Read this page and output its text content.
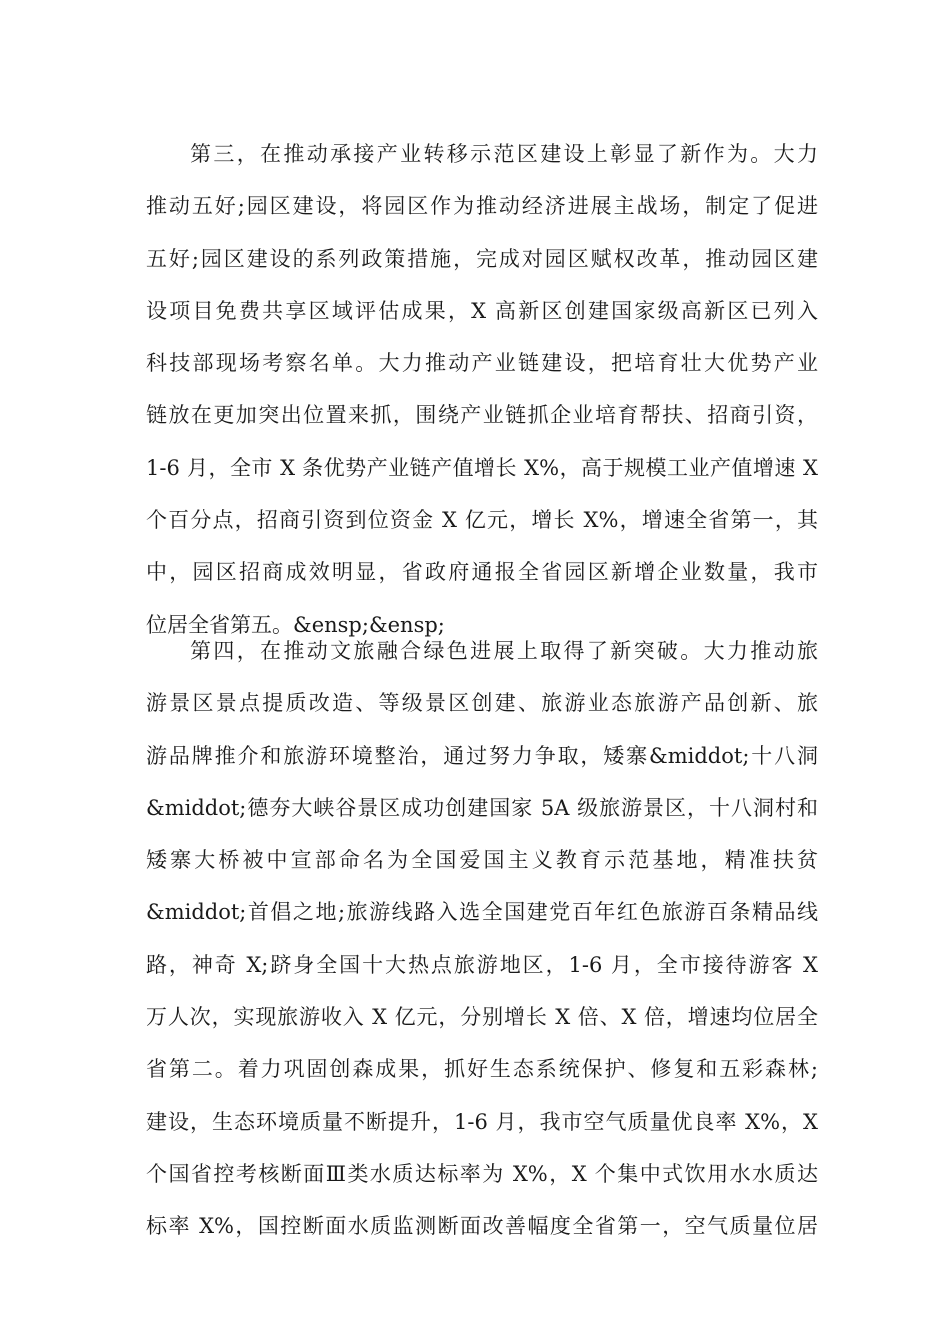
第三，在推动承接产业转移示范区建设上彰显了新作为。大力
推动五好;园区建设，将园区作为推动经济进展主战场，制定了促进
五好;园区建设的系列政策措施，完成对园区赋权改革，推动园区建
设项目免费共享区域评估成果，X 高新区创建国家级高新区已列入
科技部现场考察名单。大力推动产业链建设，把培育壮大优势产业
链放在更加突出位置来抓，围绕产业链抓企业培育帮扶、招商引资，
1-6 月，全市 X 条优势产业链产值增长 X%，高于规模工业产值增速 X
个百分点，招商引资到位资金 X 亿元，增长 X%，增速全省第一，其
中，园区招商成效明显，省政府通报全省园区新增企业数量，我市
位居全省第五。&ensp;&ensp;
第四，在推动文旅融合绿色进展上取得了新突破。大力推动旅
游景区景点提质改造、等级景区创建、旅游业态旅游产品创新、旅
游品牌推介和旅游环境整治，通过努力争取，矮寨&middot;十八洞
&middot;德夯大峡谷景区成功创建国家 5A 级旅游景区，十八洞村和
矮寨大桥被中宣部命名为全国爱国主义教育示范基地，精准扶贫
&middot;首倡之地;旅游线路入选全国建党百年红色旅游百条精品线
路，神奇 X;跻身全国十大热点旅游地区，1-6 月，全市接待游客 X
万人次，实现旅游收入 X 亿元，分别增长 X 倍、X 倍，增速均位居全
省第二。着力巩固创森成果，抓好生态系统保护、修复和五彩森林;
建设，生态环境质量不断提升，1-6 月，我市空气质量优良率 X%，X
个国省控考核断面Ⅲ类水质达标率为 X%，X 个集中式饮用水水质达
标率 X%，国控断面水质监测断面改善幅度全省第一，空气质量位居
